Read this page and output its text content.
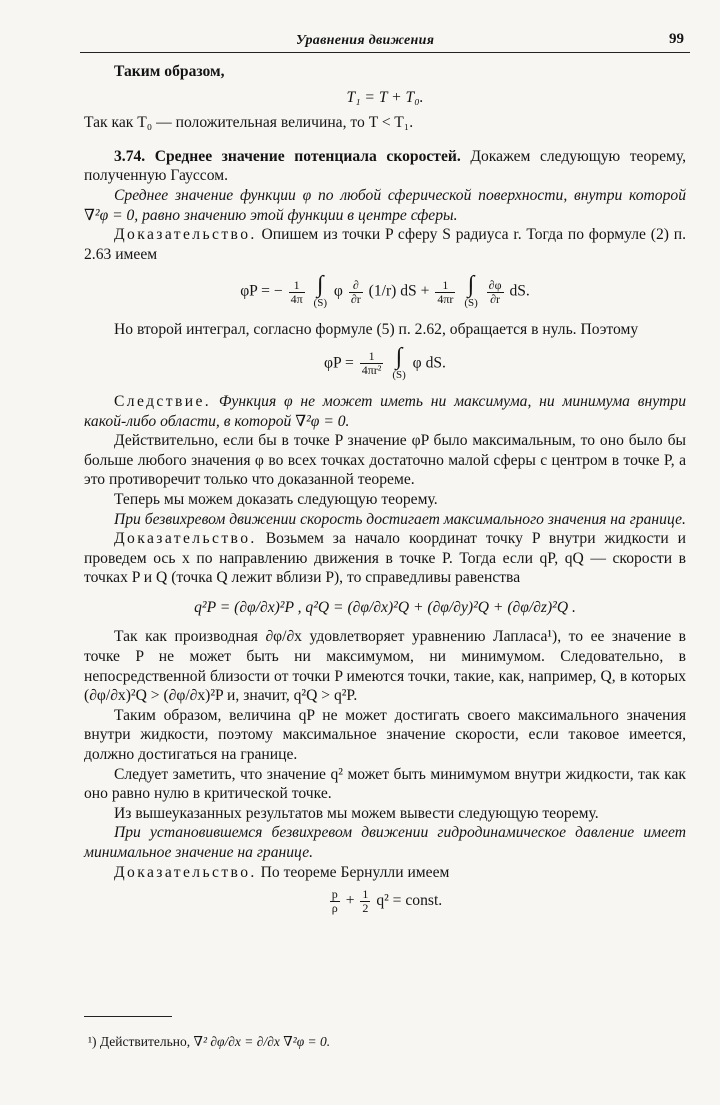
Уравнения движения	99

Таким образом,

T₁ = T + T₀.

Так как T₀ — положительная величина, то T < T₁.

3.74. Среднее значение потенциала скоростей. Докажем следующую теорему, полученную Гауссом.

Среднее значение функции φ по любой сферической поверхности, внутри которой ∇²φ = 0, равно значению этой функции в центре сферы.

Доказательство. Опишем из точки P сферу S радиуса r. Тогда по формуле (2) п. 2.63 имеем

φP = − $\frac{1}{4\pi}$
∫
(S)
φ $\frac{\partial}{\partial r} (1/r)$ dS + $\frac{1}{4\pi r}$
∫
(S)
$\frac{\partial\varphi}{\partial r}$ dS.

Но второй интеграл, согласно формуле (5) п. 2.62, обращается в нуль. Поэтому

$\varphi P = \frac{1}{\text{4πr²}}$
∫
(S)
φ dS.

Следствие. Функция φ не может иметь ни максимума, ни минимума внутри какой-либо области, в которой ∇²φ = 0.

Действительно, если бы в точке P значение φP было максимальным, то оно было бы больше любого значения φ во всех точках достаточно малой сферы с центром в точке P, а это противоречит только что доказанной теореме.

Теперь мы можем доказать следующую теорему.

При безвихревом движении скорость достигает максимального значения на границе.

Доказательство. Возьмем за начало координат точку P внутри жидкости и проведем ось x по направлению движения в точке P. Тогда если qP, qQ — скорости в точках P и Q (точка Q лежит вблизи P), то справедливы равенства

q²P = (∂φ/∂x)²P , q²Q = (∂φ/∂x)²Q + (∂φ/∂y)²Q + (∂φ/∂z)²Q .

Так как производная ∂φ/∂x удовлетворяет уравнению Лапласа¹), то ее значение в точке P не может быть ни максимумом, ни минимумом. Следовательно, в непосредственной близости от точки P имеются точки, такие, как, например, Q, в которых (∂φ/∂x)²Q > (∂φ/∂x)²P и, значит, q²Q > q²P.

Таким образом, величина qP не может достигать своего максимального значения внутри жидкости, поэтому максимальное значение скорости, если таковое имеется, должно достигаться на границе.

Следует заметить, что значение q² может быть минимумом внутри жидкости, так как оно равно нулю в критической точке.

Из вышеуказанных результатов мы можем вывести следующую теорему.

При установившемся безвихревом движении гидродинамическое давление имеет минимальное значение на границе.

Доказательство. По теореме Бернулли имеем

$\frac{p}{\rho} + \frac{1}{2} q^2$ = const.

¹) Действительно, ∇² ∂φ/∂x = ∂/∂x ∇²φ = 0.
